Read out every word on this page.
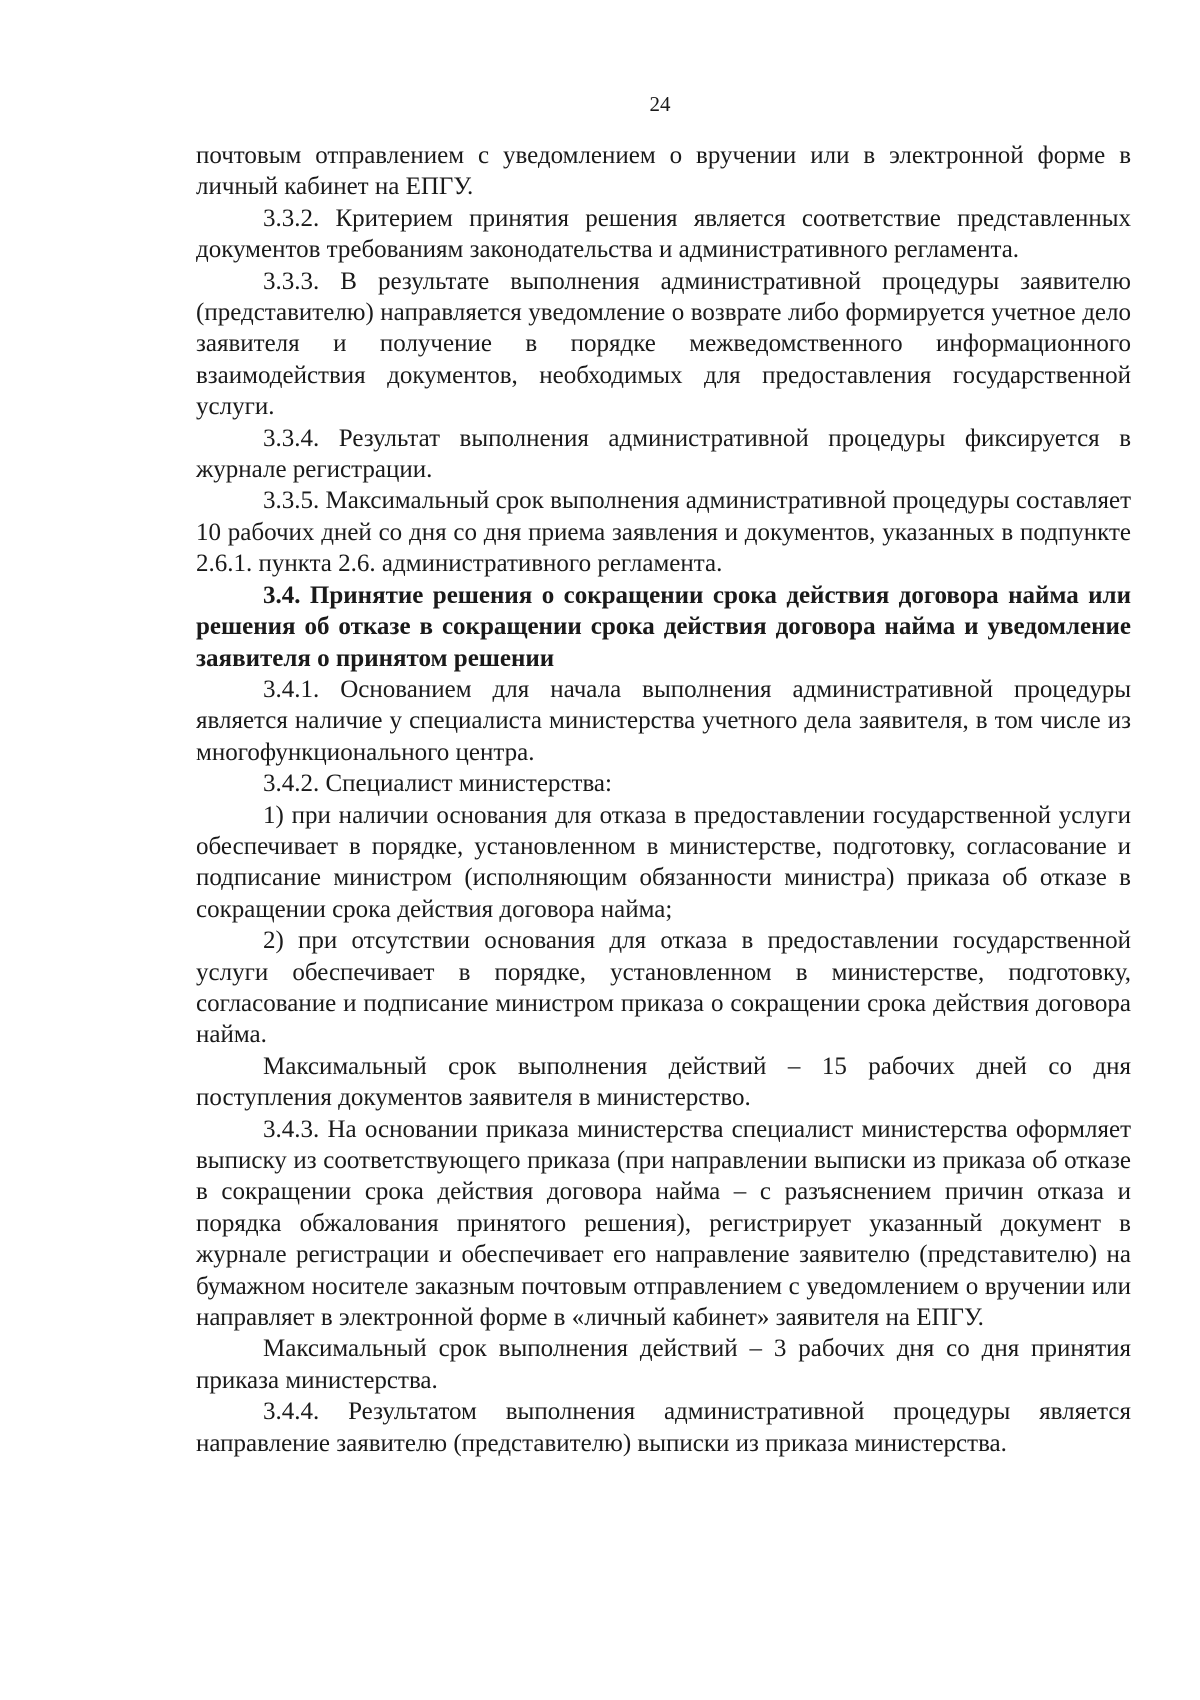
24

почтовым отправлением с уведомлением о вручении или в электронной форме в личный кабинет на ЕПГУ.

3.3.2. Критерием принятия решения является соответствие представленных документов требованиям законодательства и административного регламента.

3.3.3. В результате выполнения административной процедуры заявителю (представителю) направляется уведомление о возврате либо формируется учетное дело заявителя и получение в порядке межведомственного информационного взаимодействия документов, необходимых для предоставления государственной услуги.

3.3.4. Результат выполнения административной процедуры фиксируется в журнале регистрации.

3.3.5. Максимальный срок выполнения административной процедуры составляет 10 рабочих дней со дня со дня приема заявления и документов, указанных в подпункте 2.6.1. пункта 2.6. административного регламента.

3.4. Принятие решения о сокращении срока действия договора найма или решения об отказе в сокращении срока действия договора найма и уведомление заявителя о принятом решении

3.4.1. Основанием для начала выполнения административной процедуры является наличие у специалиста министерства учетного дела заявителя, в том числе из многофункционального центра.

3.4.2. Специалист министерства:

1) при наличии основания для отказа в предоставлении государственной услуги обеспечивает в порядке, установленном в министерстве, подготовку, согласование и подписание министром (исполняющим обязанности министра) приказа об отказе в сокращении срока действия договора найма;

2) при отсутствии основания для отказа в предоставлении государственной услуги обеспечивает в порядке, установленном в министерстве, подготовку, согласование и подписание министром приказа о сокращении срока действия договора найма.

Максимальный срок выполнения действий – 15 рабочих дней со дня поступления документов заявителя в министерство.

3.4.3. На основании приказа министерства специалист министерства оформляет выписку из соответствующего приказа (при направлении выписки из приказа об отказе в сокращении срока действия договора найма – с разъяснением причин отказа и порядка обжалования принятого решения), регистрирует указанный документ в журнале регистрации и обеспечивает его направление заявителю (представителю) на бумажном носителе заказным почтовым отправлением с уведомлением о вручении или направляет в электронной форме в «личный кабинет» заявителя на ЕПГУ.

Максимальный срок выполнения действий – 3 рабочих дня со дня принятия приказа министерства.

3.4.4. Результатом выполнения административной процедуры является направление заявителю (представителю) выписки из приказа министерства.
